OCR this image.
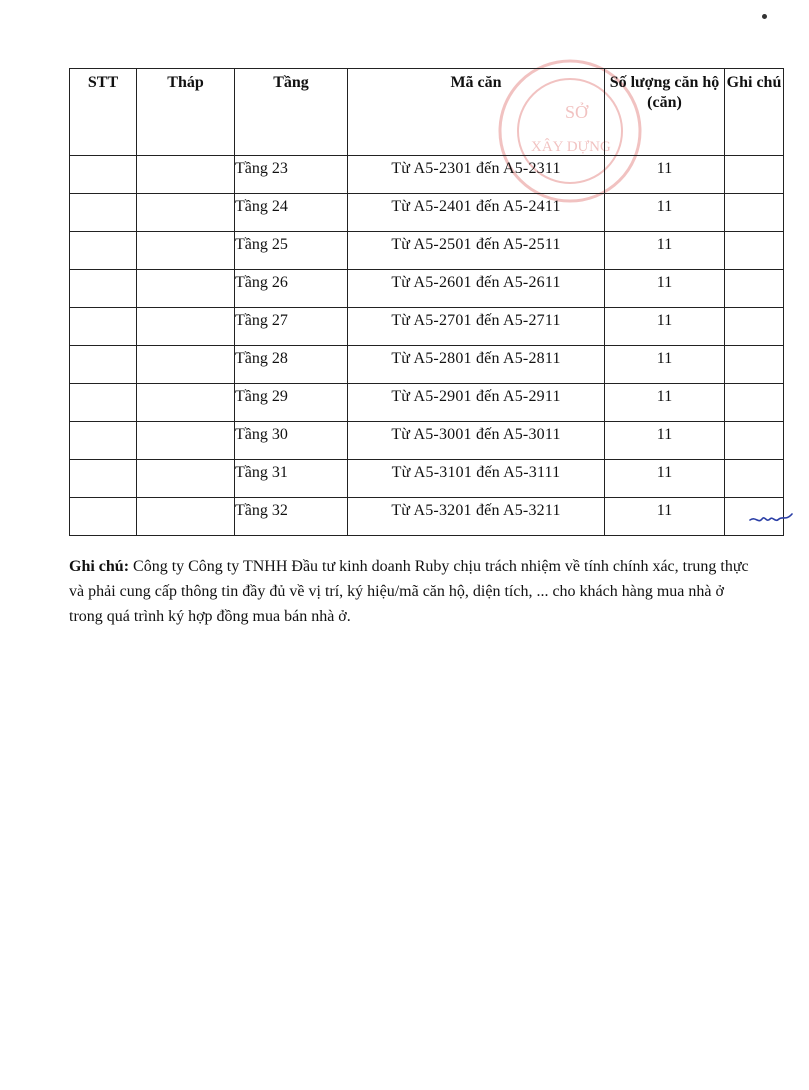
SỞ
XÂY DỰNG
STT	Tháp	Tầng	Mã căn	Số lượng căn hộ (căn)	Ghi chú
		Tầng 23	Từ A5-2301 đến A5-2311	11	
		Tầng 24	Từ A5-2401 đến A5-2411	11	
		Tầng 25	Từ A5-2501 đến A5-2511	11	
		Tầng 26	Từ A5-2601 đến A5-2611	11	
		Tầng 27	Từ A5-2701 đến A5-2711	11	
		Tầng 28	Từ A5-2801 đến A5-2811	11	
		Tầng 29	Từ A5-2901 đến A5-2911	11	
		Tầng 30	Từ A5-3001 đến A5-3011	11	
		Tầng 31	Từ A5-3101 đến A5-3111	11	
		Tầng 32	Từ A5-3201 đến A5-3211	11	

Ghi chú: Công ty Công ty TNHH Đầu tư kinh doanh Ruby chịu trách nhiệm về tính chính xác, trung thực và phải cung cấp thông tin đầy đủ về vị trí, ký hiệu/mã căn hộ, diện tích, ... cho khách hàng mua nhà ở trong quá trình ký hợp đồng mua bán nhà ở.
